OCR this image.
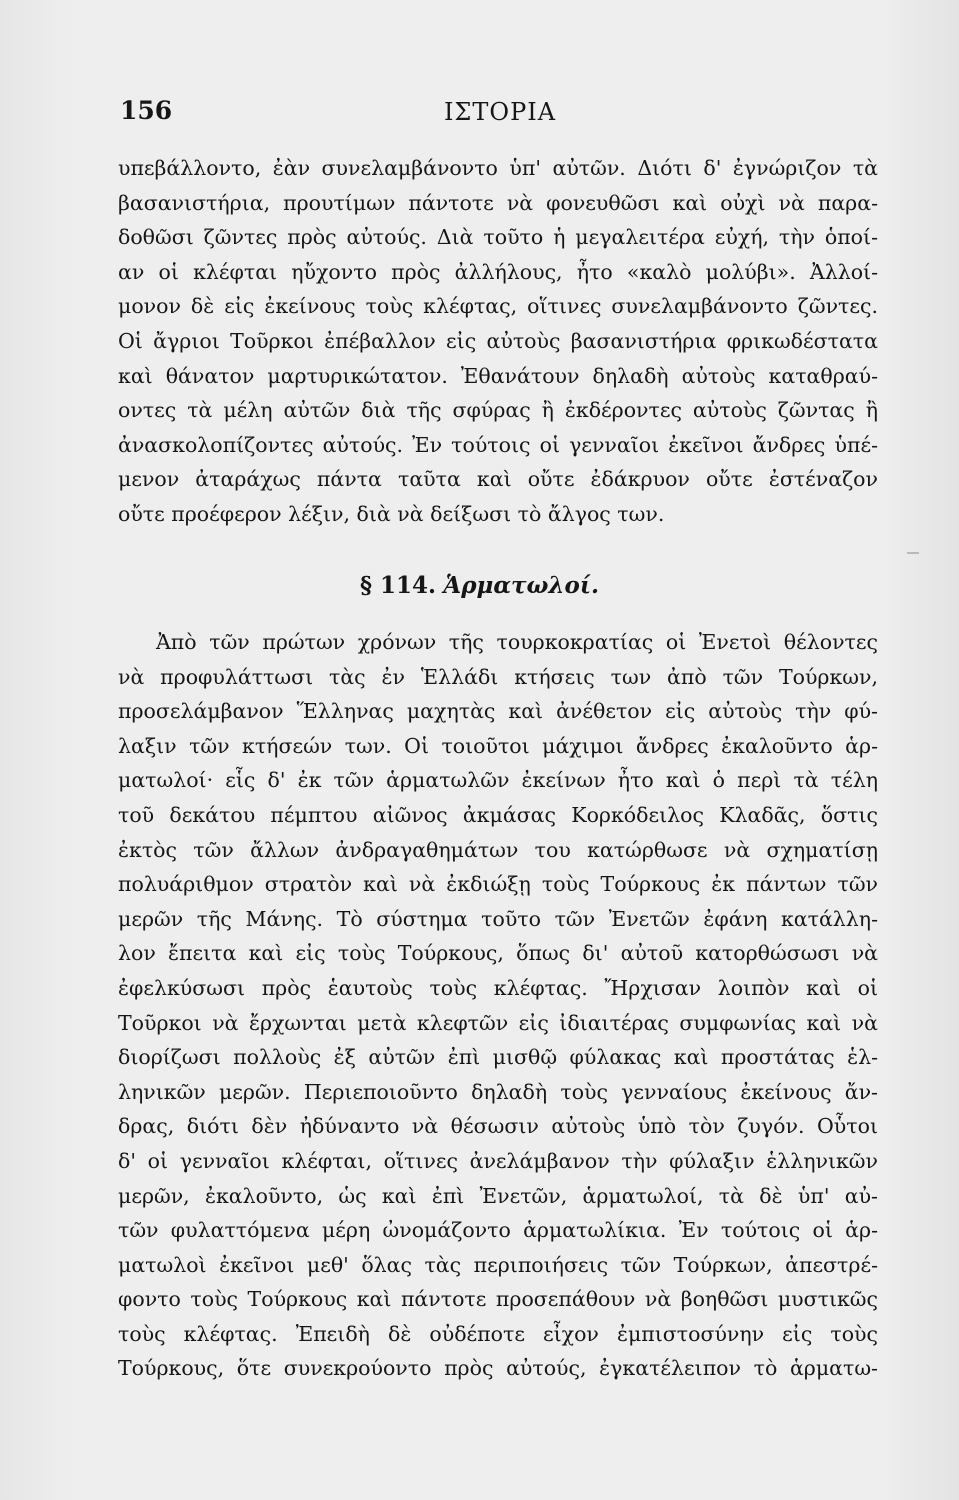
156	ΙΣΤΟΡΙΑ
υπεβάλλοντο, ἐὰν συνελαμβάνοντο ὑπ' αὐτῶν. Διότι δ' ἐγνώριζον τὰ
βασανιστήρια, προυτίμων πάντοτε νὰ φονευθῶσι καὶ οὐχὶ νὰ παρα-
δοθῶσι ζῶντες πρὸς αὐτούς. Διὰ τοῦτο ἡ μεγαλειτέρα εὐχή, τὴν ὁποί-
αν οἱ κλέφται ηὔχοντο πρὸς ἀλλήλους, ἦτο «καλὸ μολύβι». Ἀλλοί-
μονον δὲ εἰς ἐκείνους τοὺς κλέφτας, οἵτινες συνελαμβάνοντο ζῶντες.
Οἱ ἄγριοι Τοῦρκοι ἐπέβαλλον εἰς αὐτοὺς βασανιστήρια φρικωδέστατα
καὶ θάνατον μαρτυρικώτατον. Ἐθανάτουν δηλαδὴ αὐτοὺς καταθραύ-
οντες τὰ μέλη αὐτῶν διὰ τῆς σφύρας ἢ ἐκδέροντες αὐτοὺς ζῶντας ἢ
ἀνασκολοπίζοντες αὐτούς. Ἐν τούτοις οἱ γενναῖοι ἐκεῖνοι ἄνδρες ὑπέ-
μενον ἀταράχως πάντα ταῦτα καὶ οὔτε ἐδάκρυον οὔτε ἐστέναζον
οὔτε προέφερον λέξιν, διὰ νὰ δείξωσι τὸ ἄλγος των.
§ 114. Ἁρματωλοί.
Ἀπὸ τῶν πρώτων χρόνων τῆς τουρκοκρατίας οἱ Ἐνετοὶ θέλοντες
νὰ προφυλάττωσι τὰς ἐν Ἑλλάδι κτήσεις των ἀπὸ τῶν Τούρκων,
προσελάμβανον Ἕλληνας μαχητὰς καὶ ἀνέθετον εἰς αὐτοὺς τὴν φύ-
λαξιν τῶν κτήσεών των. Οἱ τοιοῦτοι μάχιμοι ἄνδρες ἐκαλοῦντο ἁρ-
ματωλοί· εἷς δ' ἐκ τῶν ἁρματωλῶν ἐκείνων ἦτο καὶ ὁ περὶ τὰ τέλη
τοῦ δεκάτου πέμπτου αἰῶνος ἀκμάσας Κορκόδειλος Κλαδᾶς, ὅστις
ἐκτὸς τῶν ἄλλων ἀνδραγαθημάτων του κατώρθωσε νὰ σχηματίσῃ
πολυάριθμον στρατὸν καὶ νὰ ἐκδιώξῃ τοὺς Τούρκους ἐκ πάντων τῶν
μερῶν τῆς Μάνης. Τὸ σύστημα τοῦτο τῶν Ἐνετῶν ἐφάνη κατάλλη-
λον ἔπειτα καὶ εἰς τοὺς Τούρκους, ὅπως δι' αὐτοῦ κατορθώσωσι νὰ
ἐφελκύσωσι πρὸς ἑαυτοὺς τοὺς κλέφτας. Ἤρχισαν λοιπὸν καὶ οἱ
Τοῦρκοι νὰ ἔρχωνται μετὰ κλεφτῶν εἰς ἰδιαιτέρας συμφωνίας καὶ νὰ
διορίζωσι πολλοὺς ἐξ αὐτῶν ἐπὶ μισθῷ φύλακας καὶ προστάτας ἑλ-
ληνικῶν μερῶν. Περιεποιοῦντο δηλαδὴ τοὺς γενναίους ἐκείνους ἄν-
δρας, διότι δὲν ἠδύναντο νὰ θέσωσιν αὐτοὺς ὑπὸ τὸν ζυγόν. Οὗτοι
δ' οἱ γενναῖοι κλέφται, οἵτινες ἀνελάμβανον τὴν φύλαξιν ἑλληνικῶν
μερῶν, ἐκαλοῦντο, ὡς καὶ ἐπὶ Ἐνετῶν, ἁρματωλοί, τὰ δὲ ὑπ' αὐ-
τῶν φυλαττόμενα μέρη ὠνομάζοντο ἁρματωλίκια. Ἐν τούτοις οἱ ἁρ-
ματωλοὶ ἐκεῖνοι μεθ' ὅλας τὰς περιποιήσεις τῶν Τούρκων, ἀπεστρέ-
φοντο τοὺς Τούρκους καὶ πάντοτε προσεπάθουν νὰ βοηθῶσι μυστικῶς
τοὺς κλέφτας. Ἐπειδὴ δὲ οὐδέποτε εἶχον ἐμπιστοσύνην εἰς τοὺς
Τούρκους, ὅτε συνεκρούοντο πρὸς αὐτούς, ἐγκατέλειπον τὸ ἁρματω-
